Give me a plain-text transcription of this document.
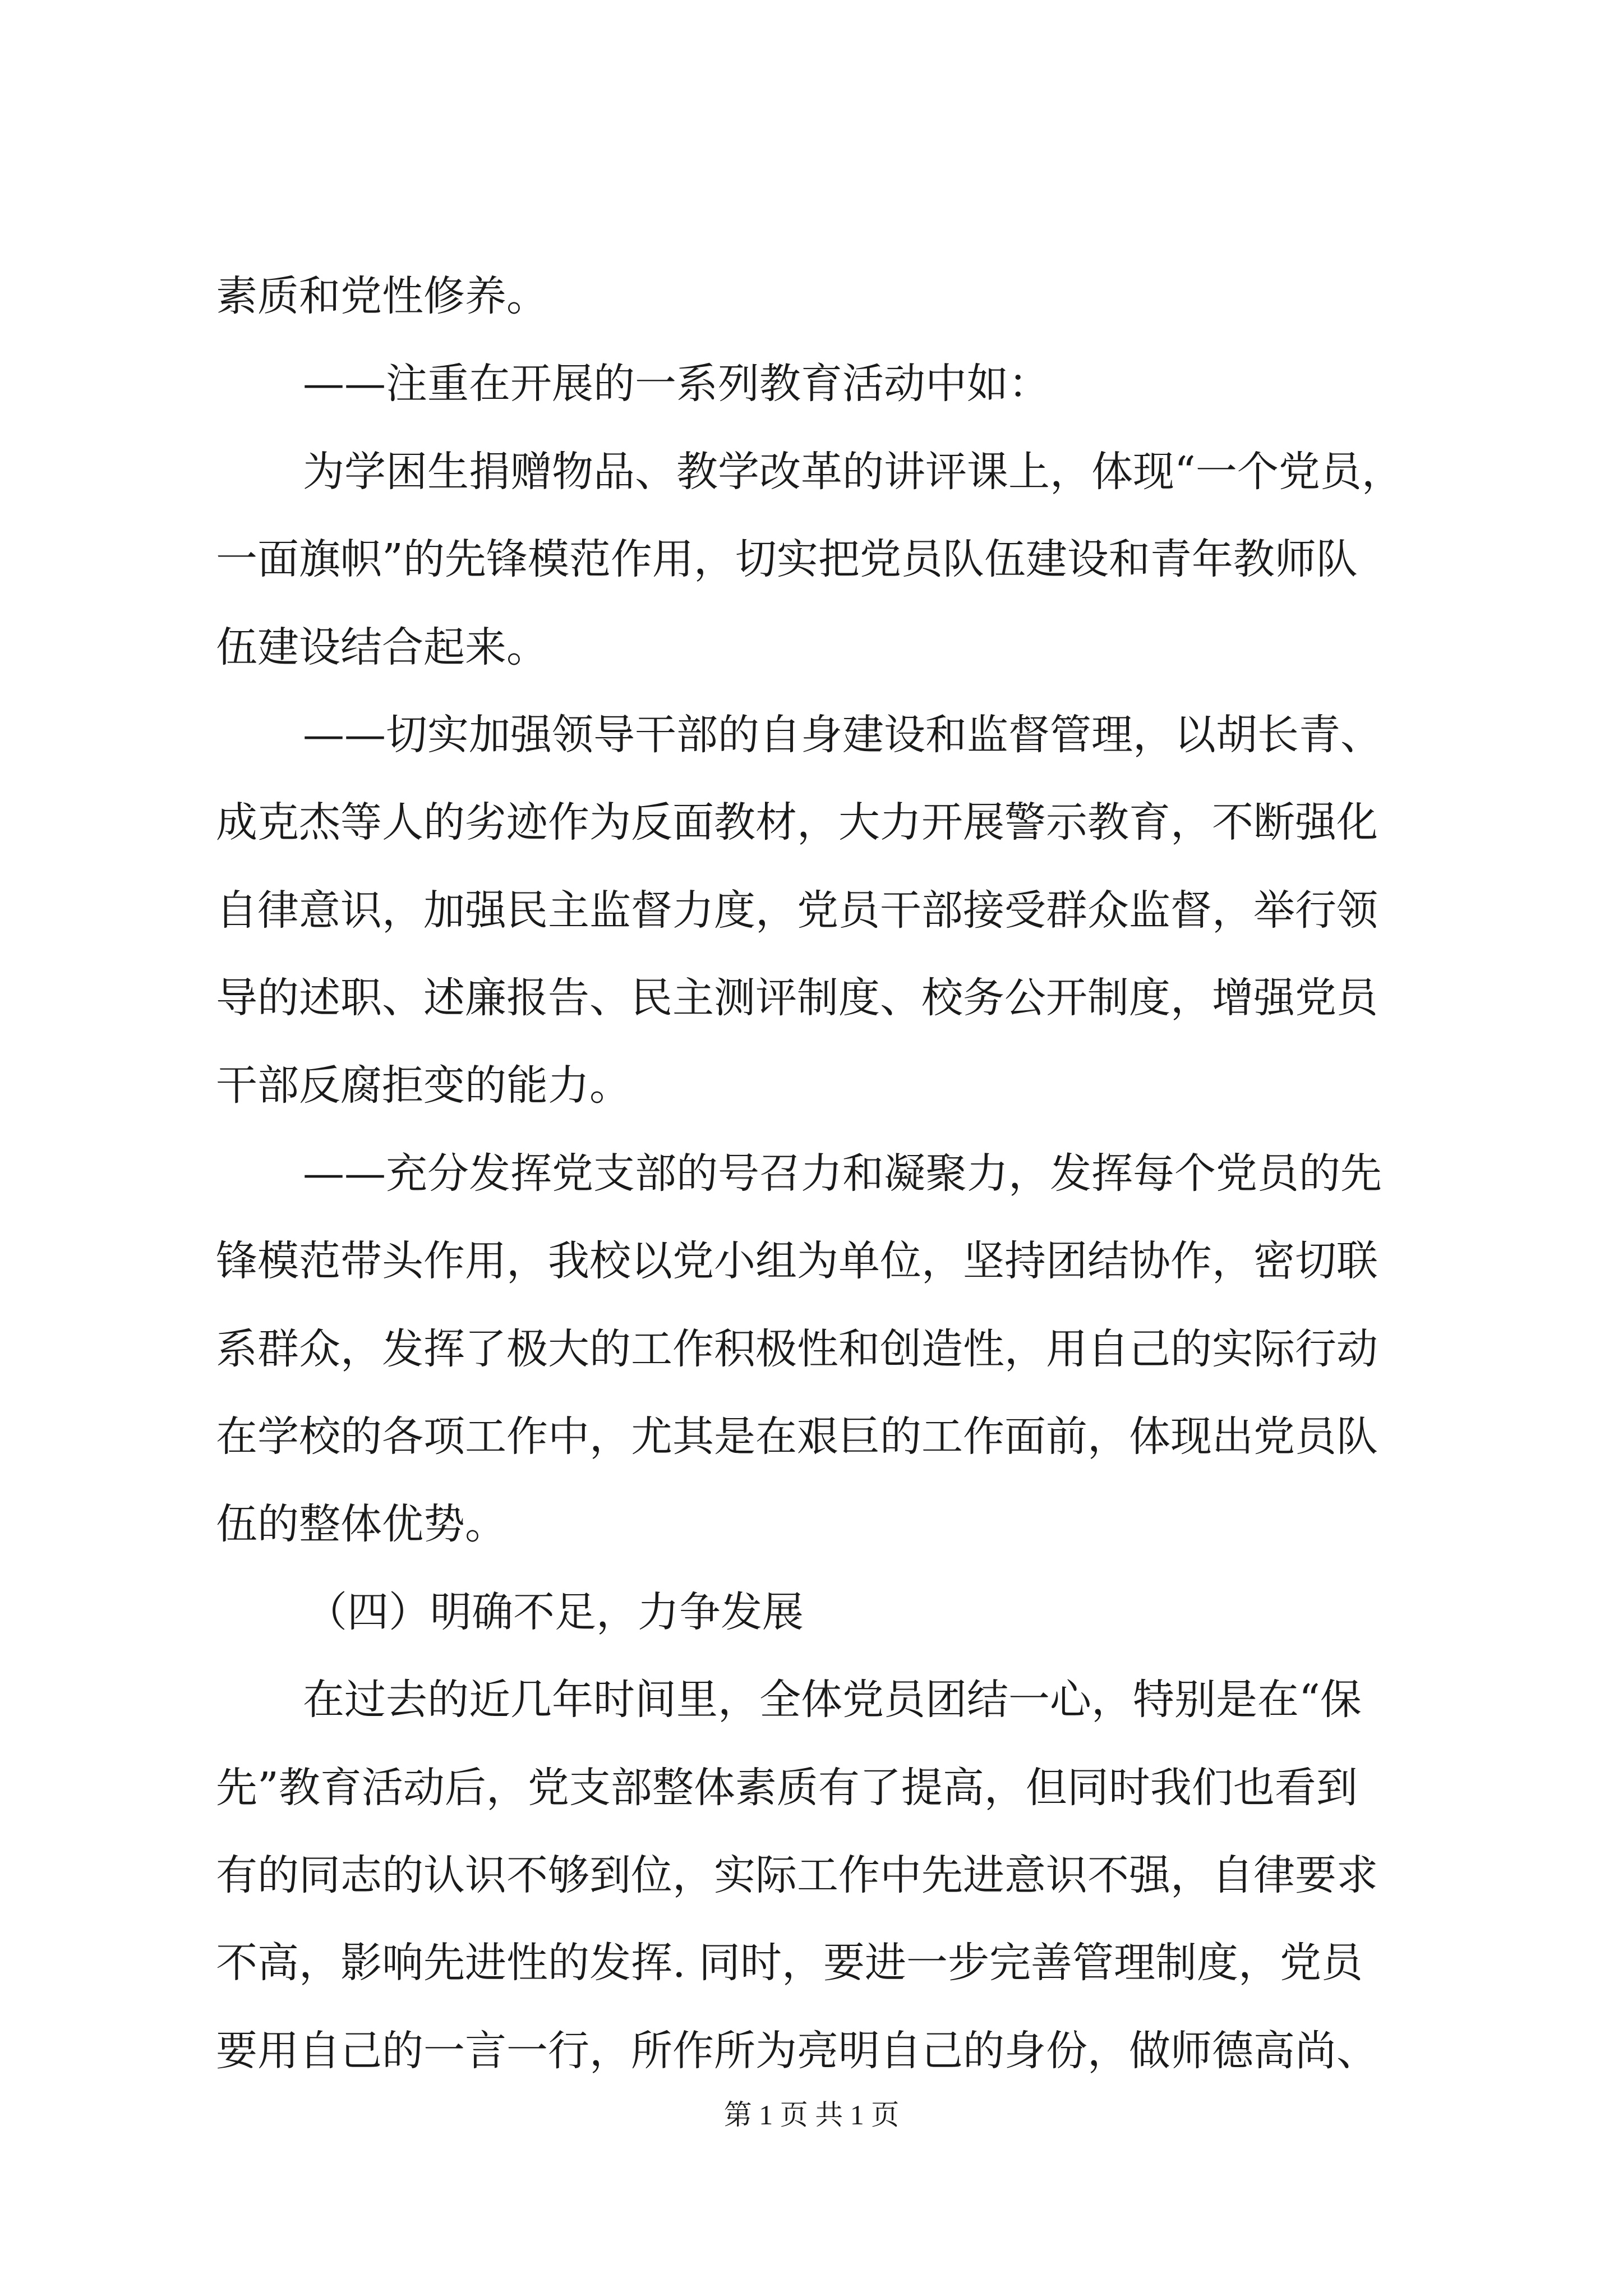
素质和党性修养。
——注重在开展的一系列教育活动中如：
为学困生捐赠物品、教学改革的讲评课上，体现“一个党员，
一面旗帜”的先锋模范作用，切实把党员队伍建设和青年教师队
伍建设结合起来。
——切实加强领导干部的自身建设和监督管理，以胡长青、
成克杰等人的劣迹作为反面教材，大力开展警示教育，不断强化
自律意识，加强民主监督力度，党员干部接受群众监督，举行领
导的述职、述廉报告、民主测评制度、校务公开制度，增强党员
干部反腐拒变的能力。
——充分发挥党支部的号召力和凝聚力，发挥每个党员的先
锋模范带头作用，我校以党小组为单位，坚持团结协作，密切联
系群众，发挥了极大的工作积极性和创造性，用自己的实际行动
在学校的各项工作中，尤其是在艰巨的工作面前，体现出党员队
伍的整体优势。
（四）明确不足，力争发展
在过去的近几年时间里，全体党员团结一心，特别是在“保
先”教育活动后，党支部整体素质有了提高，但同时我们也看到
有的同志的认识不够到位，实际工作中先进意识不强，自律要求
不高，影响先进性的发挥. 同时，要进一步完善管理制度，党员
要用自己的一言一行，所作所为亮明自己的身份，做师德高尚、
第 1 页 共 1 页
